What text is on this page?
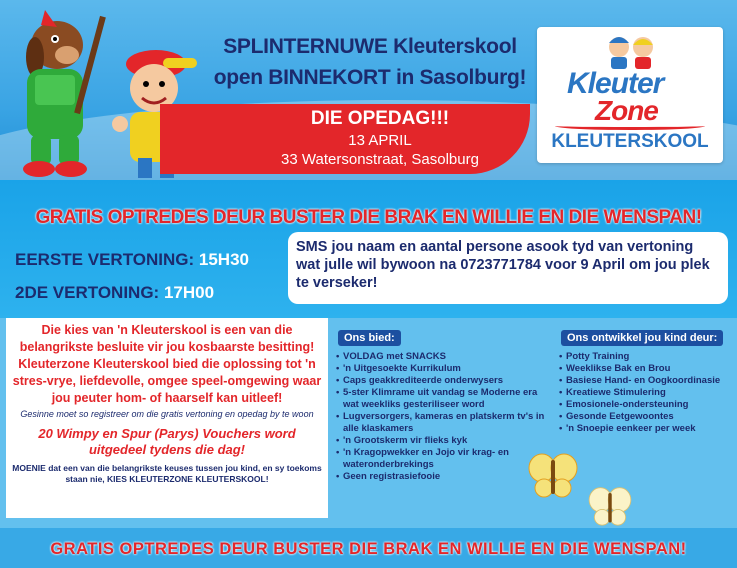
SPLINTERNUWE Kleuterskool
open BINNEKORT in Sasolburg!
DIE OPEDAG!!!
13 APRIL
33 Watersonstraat, Sasolburg
Kleuter
Zone
KLEUTERSKOOL
GRATIS OPTREDES DEUR BUSTER DIE BRAK EN WILLIE EN DIE WENSPAN!
EERSTE VERTONING: 15H30
2DE VERTONING: 17H00
SMS jou naam en aantal persone asook tyd van vertoning wat julle wil bywoon na 0723771784 voor 9 April om jou plek te verseker!
Die kies van 'n Kleuterskool is een van die belangrikste besluite vir jou kosbaarste besitting! Kleuterzone Kleuterskool bied die oplossing tot 'n stres-vrye, liefdevolle, omgee speel-omgewing waar jou peuter hom- of haarself kan uitleef!
Gesinne moet so registreer om die gratis vertoning en opedag by te woon
20 Wimpy en Spur (Parys) Vouchers word uitgedeel tydens die dag!
MOENIE dat een van die belangrikste keuses tussen jou kind, en sy toekoms staan nie, KIES KLEUTERZONE KLEUTERSKOOL!
Ons bied:
• VOLDAG met SNACKS
• 'n Uitgesoekte Kurrikulum
• Caps geakkrediteerde onderwysers
• 5-ster Klimrame uit vandag se Moderne era wat weekliks gesteriliseer word
• Lugversorgers, kameras en platskerm tv's in alle klaskamers
• 'n Grootskerm vir flieks kyk
• 'n Kragopwekker en Jojo vir krag- en wateronderbrekings
• Geen registrasiefooie
Ons ontwikkel jou kind deur:
• Potty Training
• Weeklikse Bak en Brou
• Basiese Hand- en Oogkoordinasie
• Kreatiewe Stimulering
• Emosionele-ondersteuning
• Gesonde Eetgewoontes
• 'n Snoepie eenkeer per week
GRATIS OPTREDES DEUR BUSTER DIE BRAK EN WILLIE EN DIE WENSPAN!
